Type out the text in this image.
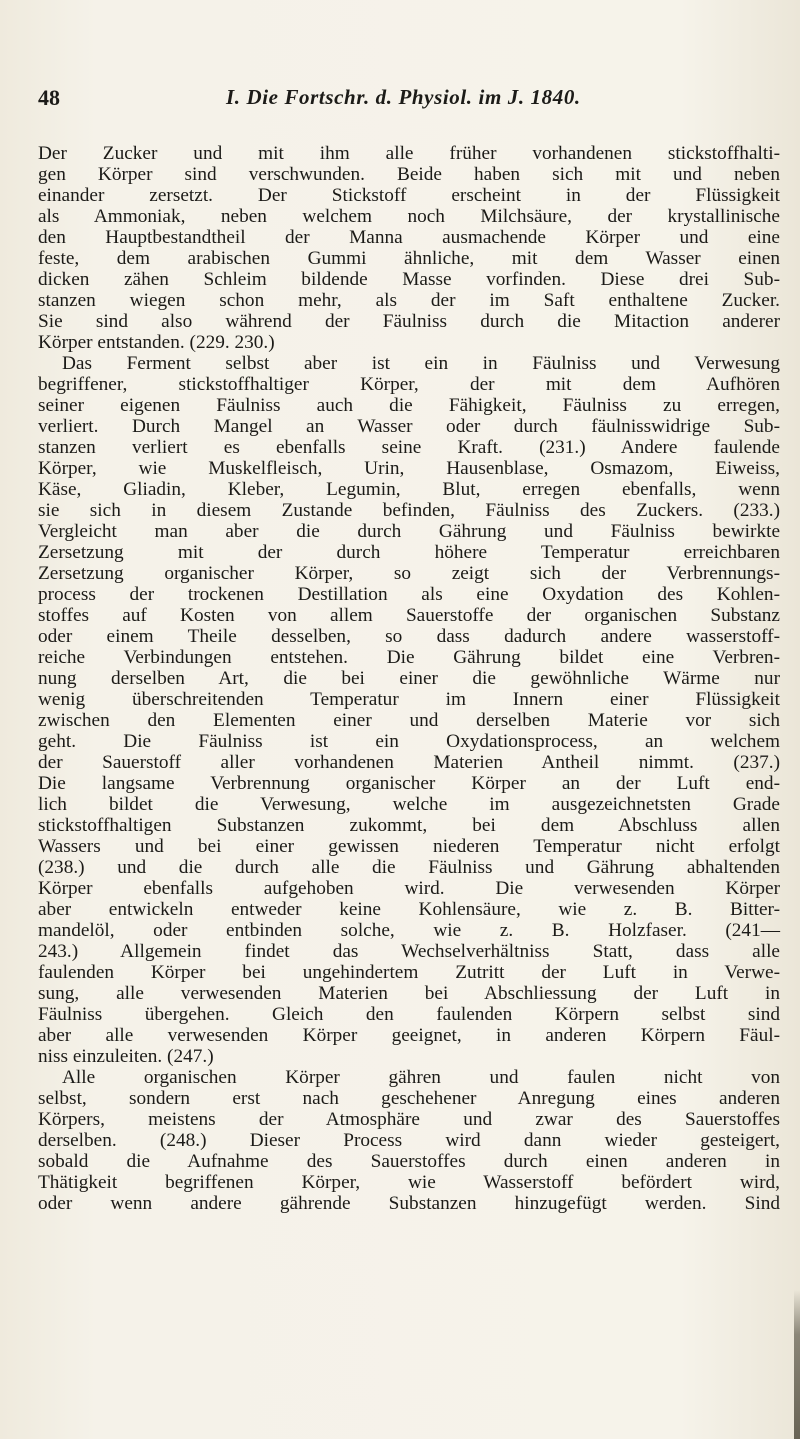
48	I. Die Fortschr. d. Physiol. im J. 1840.
Der Zucker und mit ihm alle früher vorhandenen stickstoffhalti-
gen Körper sind verschwunden. Beide haben sich mit und neben
einander zersetzt. Der Stickstoff erscheint in der Flüssigkeit
als Ammoniak, neben welchem noch Milchsäure, der krystallinische
den Hauptbestandtheil der Manna ausmachende Körper und eine
feste, dem arabischen Gummi ähnliche, mit dem Wasser einen
dicken zähen Schleim bildende Masse vorfinden. Diese drei Sub-
stanzen wiegen schon mehr, als der im Saft enthaltene Zucker.
Sie sind also während der Fäulniss durch die Mitaction anderer
Körper entstanden. (229. 230.)
Das Ferment selbst aber ist ein in Fäulniss und Verwesung
begriffener, stickstoffhaltiger Körper, der mit dem Aufhören
seiner eigenen Fäulniss auch die Fähigkeit, Fäulniss zu erregen,
verliert. Durch Mangel an Wasser oder durch fäulnisswidrige Sub-
stanzen verliert es ebenfalls seine Kraft. (231.) Andere faulende
Körper, wie Muskelfleisch, Urin, Hausenblase, Osmazom, Eiweiss,
Käse, Gliadin, Kleber, Legumin, Blut, erregen ebenfalls, wenn
sie sich in diesem Zustande befinden, Fäulniss des Zuckers. (233.)
Vergleicht man aber die durch Gährung und Fäulniss bewirkte
Zersetzung mit der durch höhere Temperatur erreichbaren
Zersetzung organischer Körper, so zeigt sich der Verbrennungs-
process der trockenen Destillation als eine Oxydation des Kohlen-
stoffes auf Kosten von allem Sauerstoffe der organischen Substanz
oder einem Theile desselben, so dass dadurch andere wasserstoff-
reiche Verbindungen entstehen. Die Gährung bildet eine Verbren-
nung derselben Art, die bei einer die gewöhnliche Wärme nur
wenig überschreitenden Temperatur im Innern einer Flüssigkeit
zwischen den Elementen einer und derselben Materie vor sich
geht. Die Fäulniss ist ein Oxydationsprocess, an welchem
der Sauerstoff aller vorhandenen Materien Antheil nimmt. (237.)
Die langsame Verbrennung organischer Körper an der Luft end-
lich bildet die Verwesung, welche im ausgezeichnetsten Grade
stickstoffhaltigen Substanzen zukommt, bei dem Abschluss allen
Wassers und bei einer gewissen niederen Temperatur nicht erfolgt
(238.) und die durch alle die Fäulniss und Gährung abhaltenden
Körper ebenfalls aufgehoben wird. Die verwesenden Körper
aber entwickeln entweder keine Kohlensäure, wie z. B. Bitter-
mandelöl, oder entbinden solche, wie z. B. Holzfaser. (241—
243.) Allgemein findet das Wechselverhältniss Statt, dass alle
faulenden Körper bei ungehindertem Zutritt der Luft in Verwe-
sung, alle verwesenden Materien bei Abschliessung der Luft in
Fäulniss übergehen. Gleich den faulenden Körpern selbst sind
aber alle verwesenden Körper geeignet, in anderen Körpern Fäul-
niss einzuleiten. (247.)
Alle organischen Körper gähren und faulen nicht von
selbst, sondern erst nach geschehener Anregung eines anderen
Körpers, meistens der Atmosphäre und zwar des Sauerstoffes
derselben. (248.) Dieser Process wird dann wieder gesteigert,
sobald die Aufnahme des Sauerstoffes durch einen anderen in
Thätigkeit begriffenen Körper, wie Wasserstoff befördert wird,
oder wenn andere gährende Substanzen hinzugefügt werden. Sind
